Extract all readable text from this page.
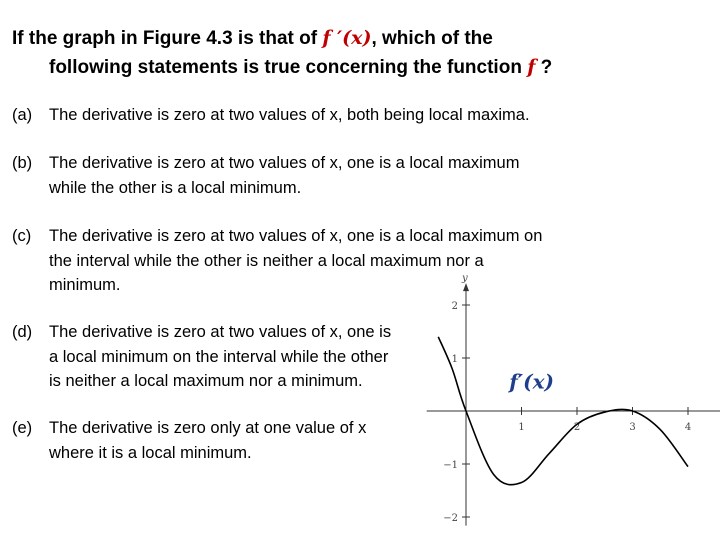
If the graph in Figure 4.3 is that of f ′(x), which of the
following statements is true concerning the function f ?
(a)	The derivative is zero at two values of x, both being local maxima.
(b)	The derivative is zero at two values of x, one is a local maximum
while the other is a local minimum.
(c)	The derivative is zero at two values of x, one is a local maximum on
the interval while the other is neither a local maximum nor a
minimum.
(d)	The derivative is zero at two values of x, one is
a local minimum on the interval while the other
is neither a local maximum nor a minimum.
(e)	The derivative is zero only at one value of x
where it is a local minimum.
y
1	2	3	4
2
1
−1
−2
f′(x)
